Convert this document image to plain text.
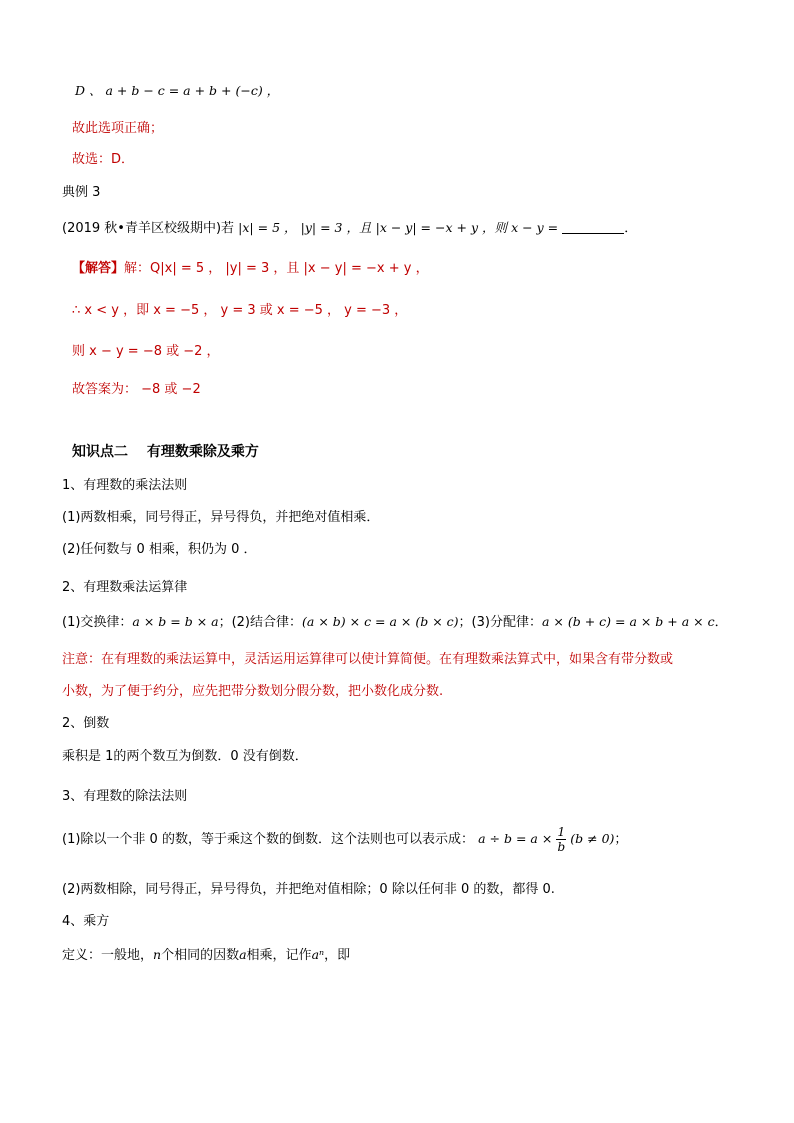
D 、 a + b − c = a + b + (−c) ，
故此选项正确；
故选：D．
典例 3
(2019 秋•青羊区校级期中)若 |x| = 5 ， |y| = 3 ，且 |x − y| = −x + y ，则 x − y =	．
【解答】解：Q|x| = 5 ， |y| = 3 ，且 |x − y| = −x + y ，
∴ x < y ，即 x = −5 ， y = 3 或 x = −5 ， y = −3 ，
则 x − y = −8 或 −2 ，
故答案为： −8 或 −2
知识点二　 有理数乘除及乘方
1、有理数的乘法法则
(1)两数相乘，同号得正，异号得负，并把绝对值相乘．
(2)任何数与 0 相乘，积仍为 0 ．
2、有理数乘法运算律
(1)交换律：a × b = b × a；(2)结合律：(a × b) × c = a × (b × c)；(3)分配律：a × (b + c) = a × b + a × c．
注意：在有理数的乘法运算中，灵活运用运算律可以使计算简便。在有理数乘法算式中，如果含有带分数或
小数，为了便于约分，应先把带分数划分假分数，把小数化成分数.
2、倒数
乘积是 1的两个数互为倒数．0 没有倒数．
3、有理数的除法法则
(1)除以一个非 0 的数，等于乘这个数的倒数．这个法则也可以表示成： $a \div b = a \times \frac{1}{b} (b \ne 0)$；
(2)两数相除，同号得正，异号得负，并把绝对值相除；0 除以任何非 0 的数，都得 0.
4、乘方
定义：一般地，n个相同的因数a相乘，记作aⁿ，即
